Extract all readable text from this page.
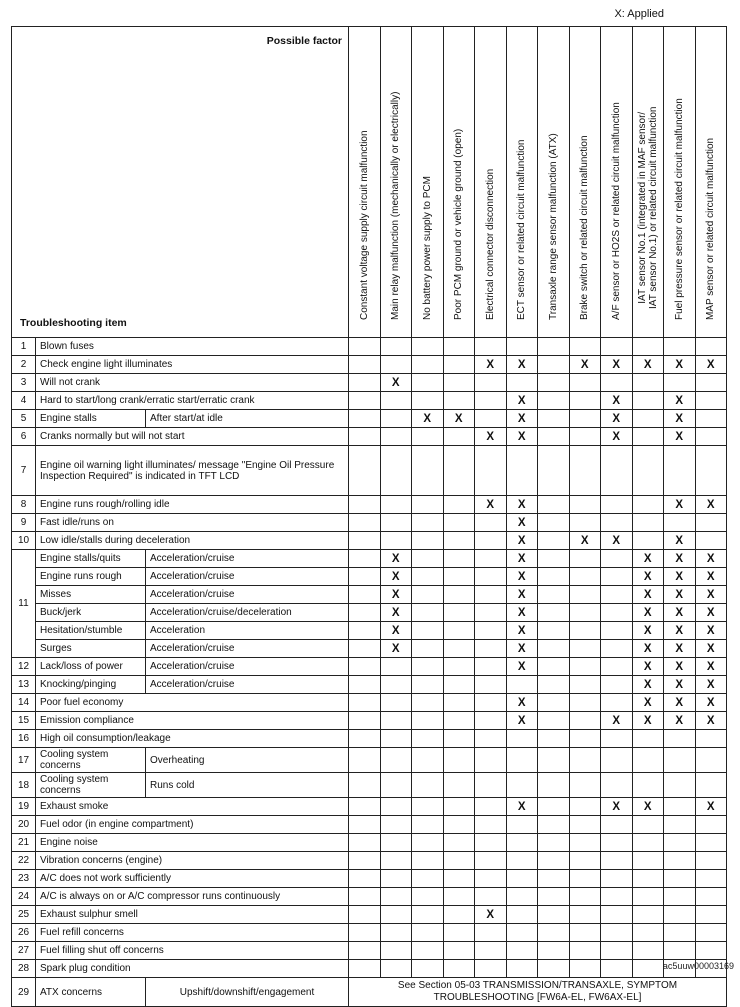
X: Applied
Possible factor
Troubleshooting item			Constant voltage supply circuit malfunction	Main relay malfunction (mechanically or electrically)	No battery power supply to PCM	Poor PCM ground or vehicle ground (open)	Electrical connector disconnection	ECT sensor or related circuit malfunction	Transaxle range sensor malfunction (ATX)	Brake switch or related circuit malfunction	A/F sensor or HO2S or related circuit malfunction	IAT sensor No.1 (integrated in MAF sensor/
IAT sensor No.1) or related circuit malfunction	Fuel pressure sensor or related circuit malfunction	MAP sensor or related circuit malfunction

1	Blown fuses													
2	Check engine light illuminates						X	X		X	X	X	X	X
3	Will not crank			X										
4	Hard to start/long crank/erratic start/erratic crank							X			X		X	
5	Engine stalls	After start/at idle			X	X		X			X		X	
6	Cranks normally but will not start						X	X			X		X	
7	Engine oil warning light illuminates/ message "Engine Oil Pressure Inspection Required" is indicated in TFT LCD													
8	Engine runs rough/rolling idle						X	X					X	X
9	Fast idle/runs on							X						
10	Low idle/stalls during deceleration							X		X	X		X	
11	Engine stalls/quits	Acceleration/cruise		X				X				X	X	X
	Engine runs rough	Acceleration/cruise		X				X				X	X	X
	Misses	Acceleration/cruise		X				X				X	X	X
	Buck/jerk	Acceleration/cruise/deceleration		X				X				X	X	X
	Hesitation/stumble	Acceleration		X				X				X	X	X
	Surges	Acceleration/cruise		X				X				X	X	X
12	Lack/loss of power	Acceleration/cruise						X				X	X	X
13	Knocking/pinging	Acceleration/cruise										X	X	X
14	Poor fuel economy							X				X	X	X
15	Emission compliance							X			X	X	X	X
16	High oil consumption/leakage													
17	Cooling system concerns	Overheating												
18	Cooling system concerns	Runs cold												
19	Exhaust smoke							X			X	X		X
20	Fuel odor (in engine compartment)													
21	Engine noise													
22	Vibration concerns (engine)													
23	A/C does not work sufficiently													
24	A/C is always on or A/C compressor runs continuously													
25	Exhaust sulphur smell						X							
26	Fuel refill concerns													
27	Fuel filling shut off concerns													
28	Spark plug condition													
29	ATX concerns	Upshift/downshift/engagement	See Section 05-03 TRANSMISSION/TRANSAXLE, SYMPTOM TROUBLESHOOTING [FW6A-EL, FW6AX-EL]											
ac5uuw00003169
